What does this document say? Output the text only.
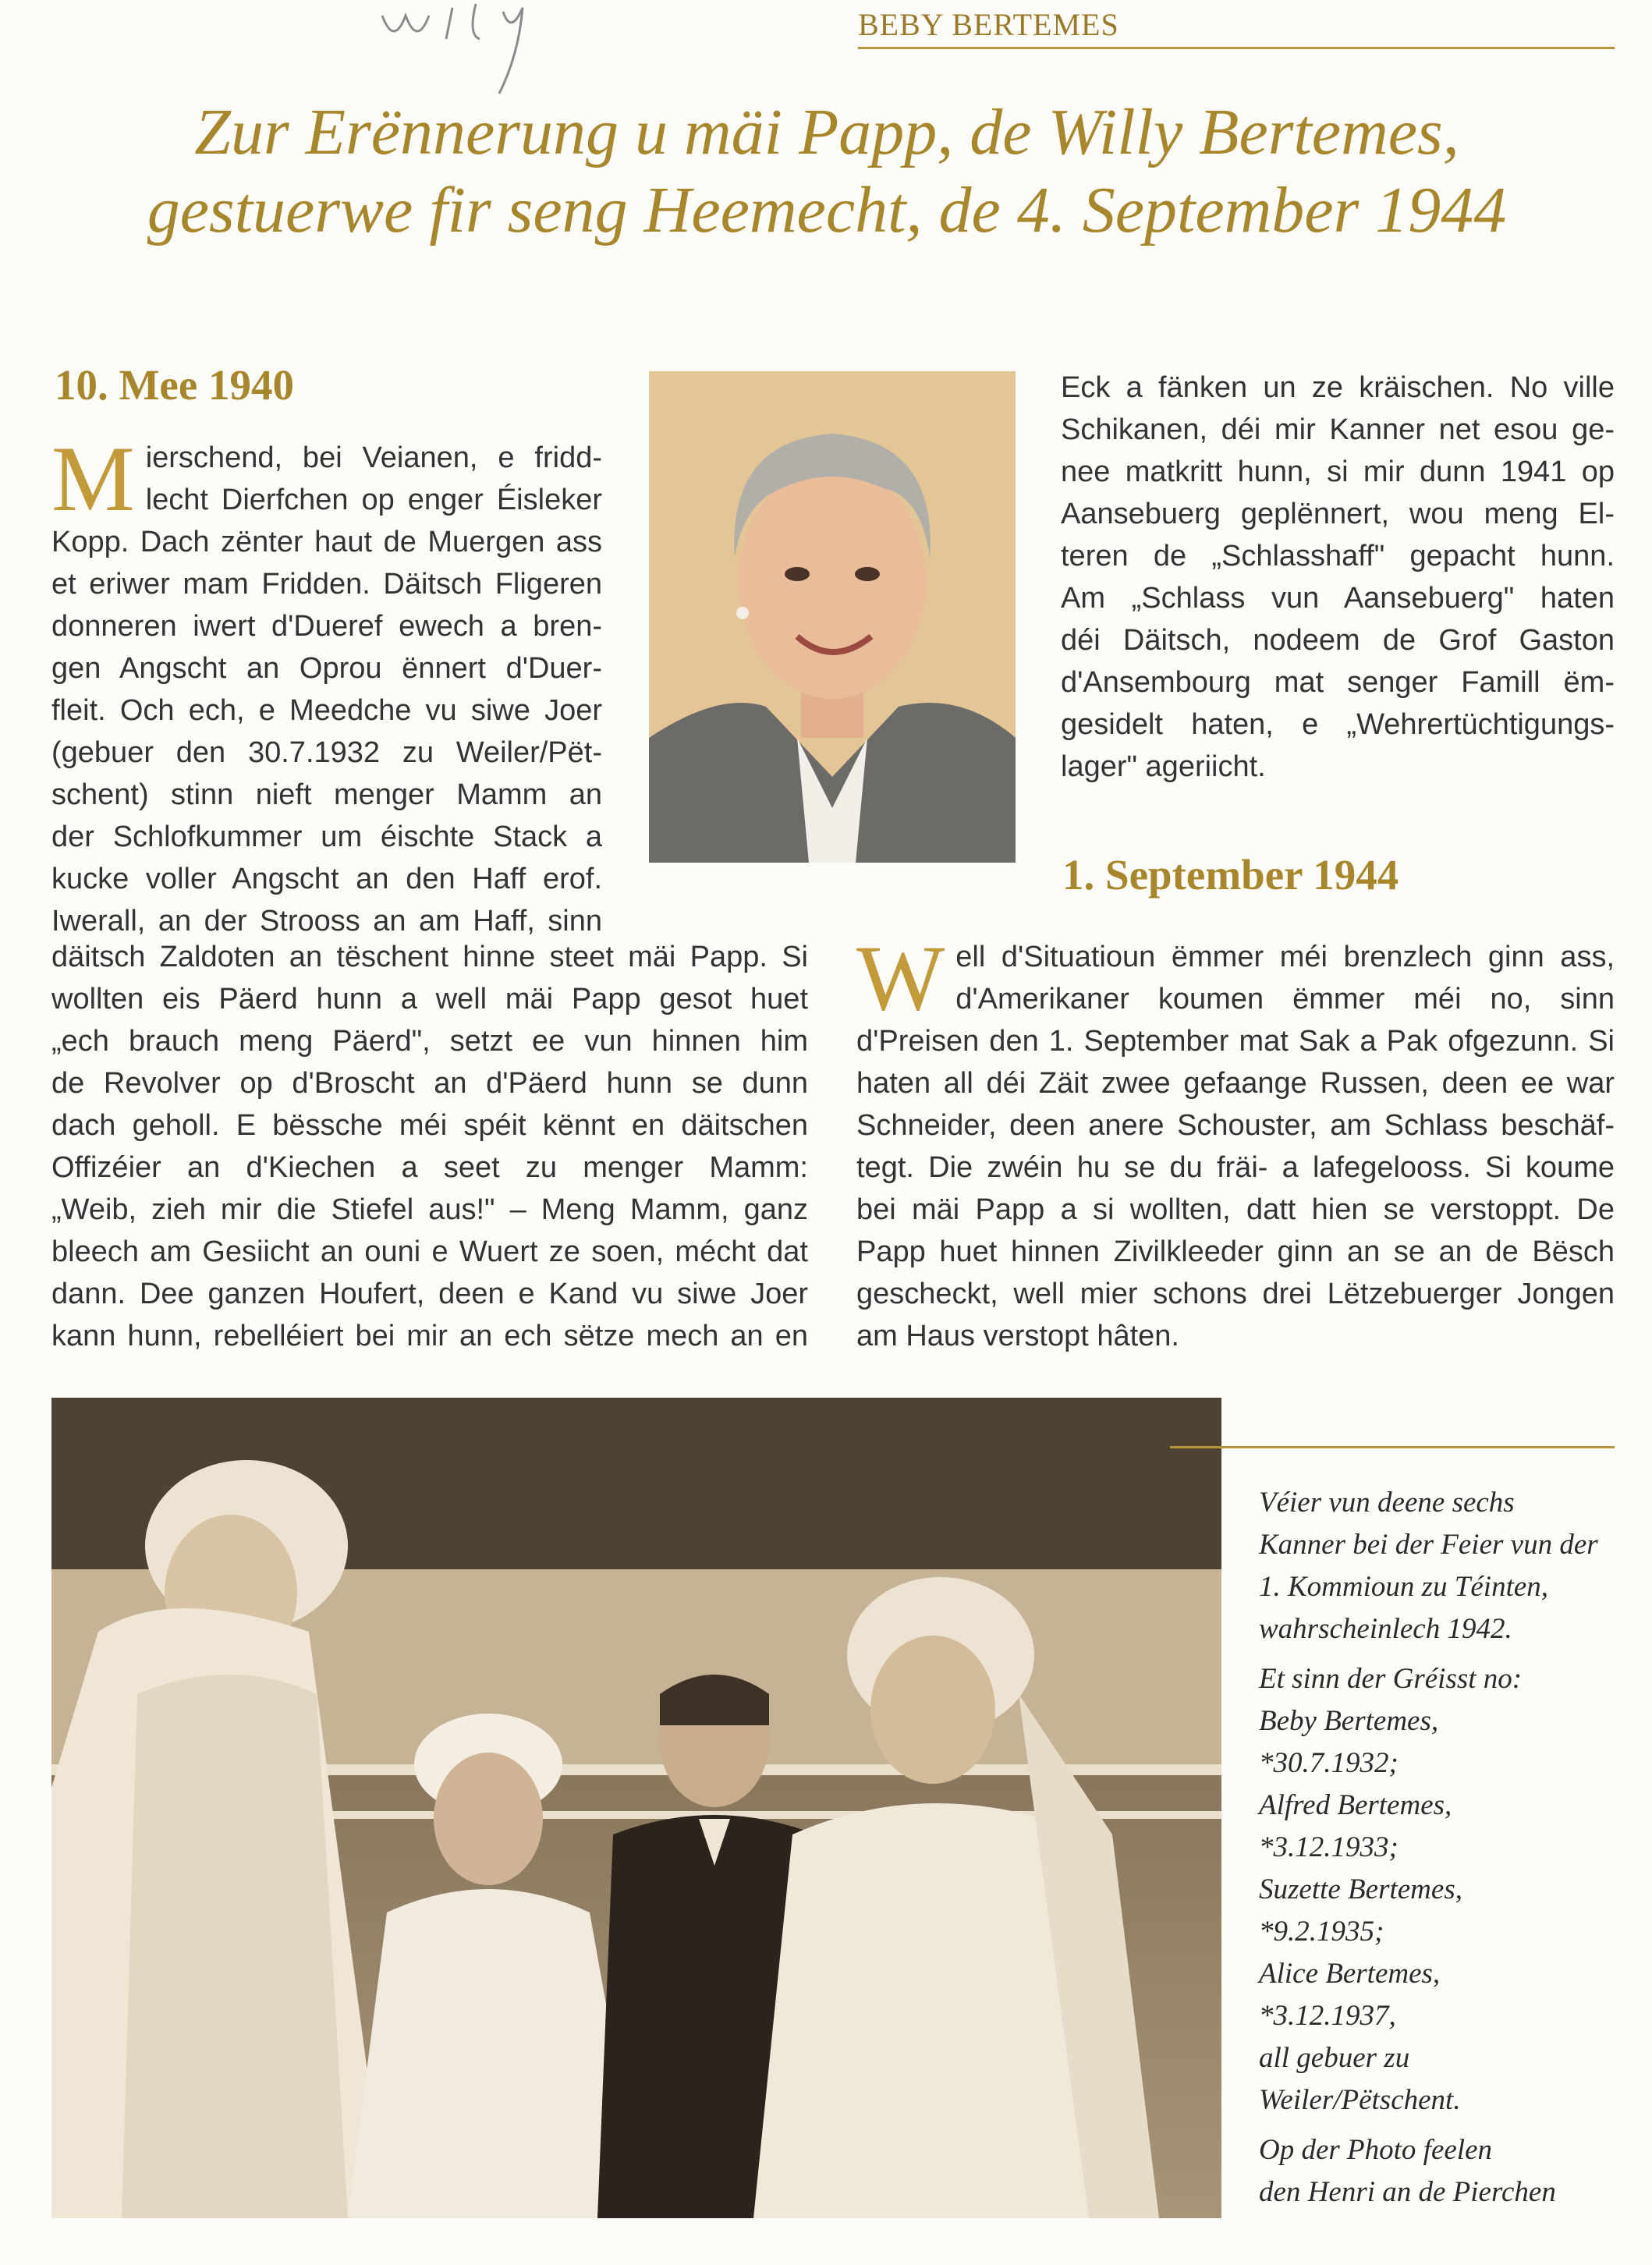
BEBY BERTEMES
Zur Erënnerung u mäi Papp, de Willy Bertemes,
gestuerwe fir seng Heemecht, de 4. September 1944
10. Mee 1940
M ierschend, bei Veianen, e fridd-
lecht Dierfchen op enger Éisleker
Kopp. Dach zënter haut de Muergen ass
et eriwer mam Fridden. Däitsch Fligeren
donneren iwert d'Dueref ewech a bren-
gen Angscht an Oprou ënnert d'Duer-
fleit. Och ech, e Meedche vu siwe Joer
(gebuer den 30.7.1932 zu Weiler/Pët-
schent) stinn nieft menger Mamm an
der Schlofkummer um éischte Stack a
kucke voller Angscht an den Haff erof.
Iwerall, an der Strooss an am Haff, sinn
däitsch Zaldoten an tëschent hinne steet mäi Papp. Si
wollten eis Päerd hunn a well mäi Papp gesot huet
„ech brauch meng Päerd", setzt ee vun hinnen him
de Revolver op d'Broscht an d'Päerd hunn se dunn
dach geholl. E bëssche méi spéit kënnt en däitschen
Offizéier an d'Kiechen a seet zu menger Mamm:
„Weib, zieh mir die Stiefel aus!" – Meng Mamm, ganz
bleech am Gesiicht an ouni e Wuert ze soen, mécht dat
dann. Dee ganzen Houfert, deen e Kand vu siwe Joer
kann hunn, rebelléiert bei mir an ech sëtze mech an en
Eck a fänken un ze kräischen. No ville
Schikanen, déi mir Kanner net esou ge-
nee matkritt hunn, si mir dunn 1941 op
Aansebuerg geplënnert, wou meng El-
teren de „Schlasshaff" gepacht hunn.
Am „Schlass vun Aansebuerg" haten
déi Däitsch, nodeem de Grof Gaston
d'Ansembourg mat senger Famill ëm-
gesidelt haten, e „Wehrertüchtigungs-
lager" ageriicht.
1. September 1944
W ell d'Situatioun ëmmer méi brenzlech ginn ass,
d'Amerikaner koumen ëmmer méi no, sinn
d'Preisen den 1. September mat Sak a Pak ofgezunn. Si
haten all déi Zäit zwee gefaange Russen, deen ee war
Schneider, deen anere Schouster, am Schlass beschäf-
tegt. Die zwéin hu se du fräi- a lafegelooss. Si koume
bei mäi Papp a si wollten, datt hien se verstoppt. De
Papp huet hinnen Zivilkleeder ginn an se an de Bësch
gescheckt, well mier schons drei Lëtzebuerger Jongen
am Haus verstopt hâten.

Véier vun deene sechs
Kanner bei der Feier vun der
1. Kommioun zu Téinten,
wahrscheinlech 1942.

Et sinn der Gréisst no:
Beby Bertemes,
*30.7.1932;
Alfred Bertemes,
*3.12.1933;
Suzette Bertemes,
*9.2.1935;
Alice Bertemes,
*3.12.1937,
all gebuer zu
Weiler/Pëtschent.

Op der Photo feelen
den Henri an de Pierchen
